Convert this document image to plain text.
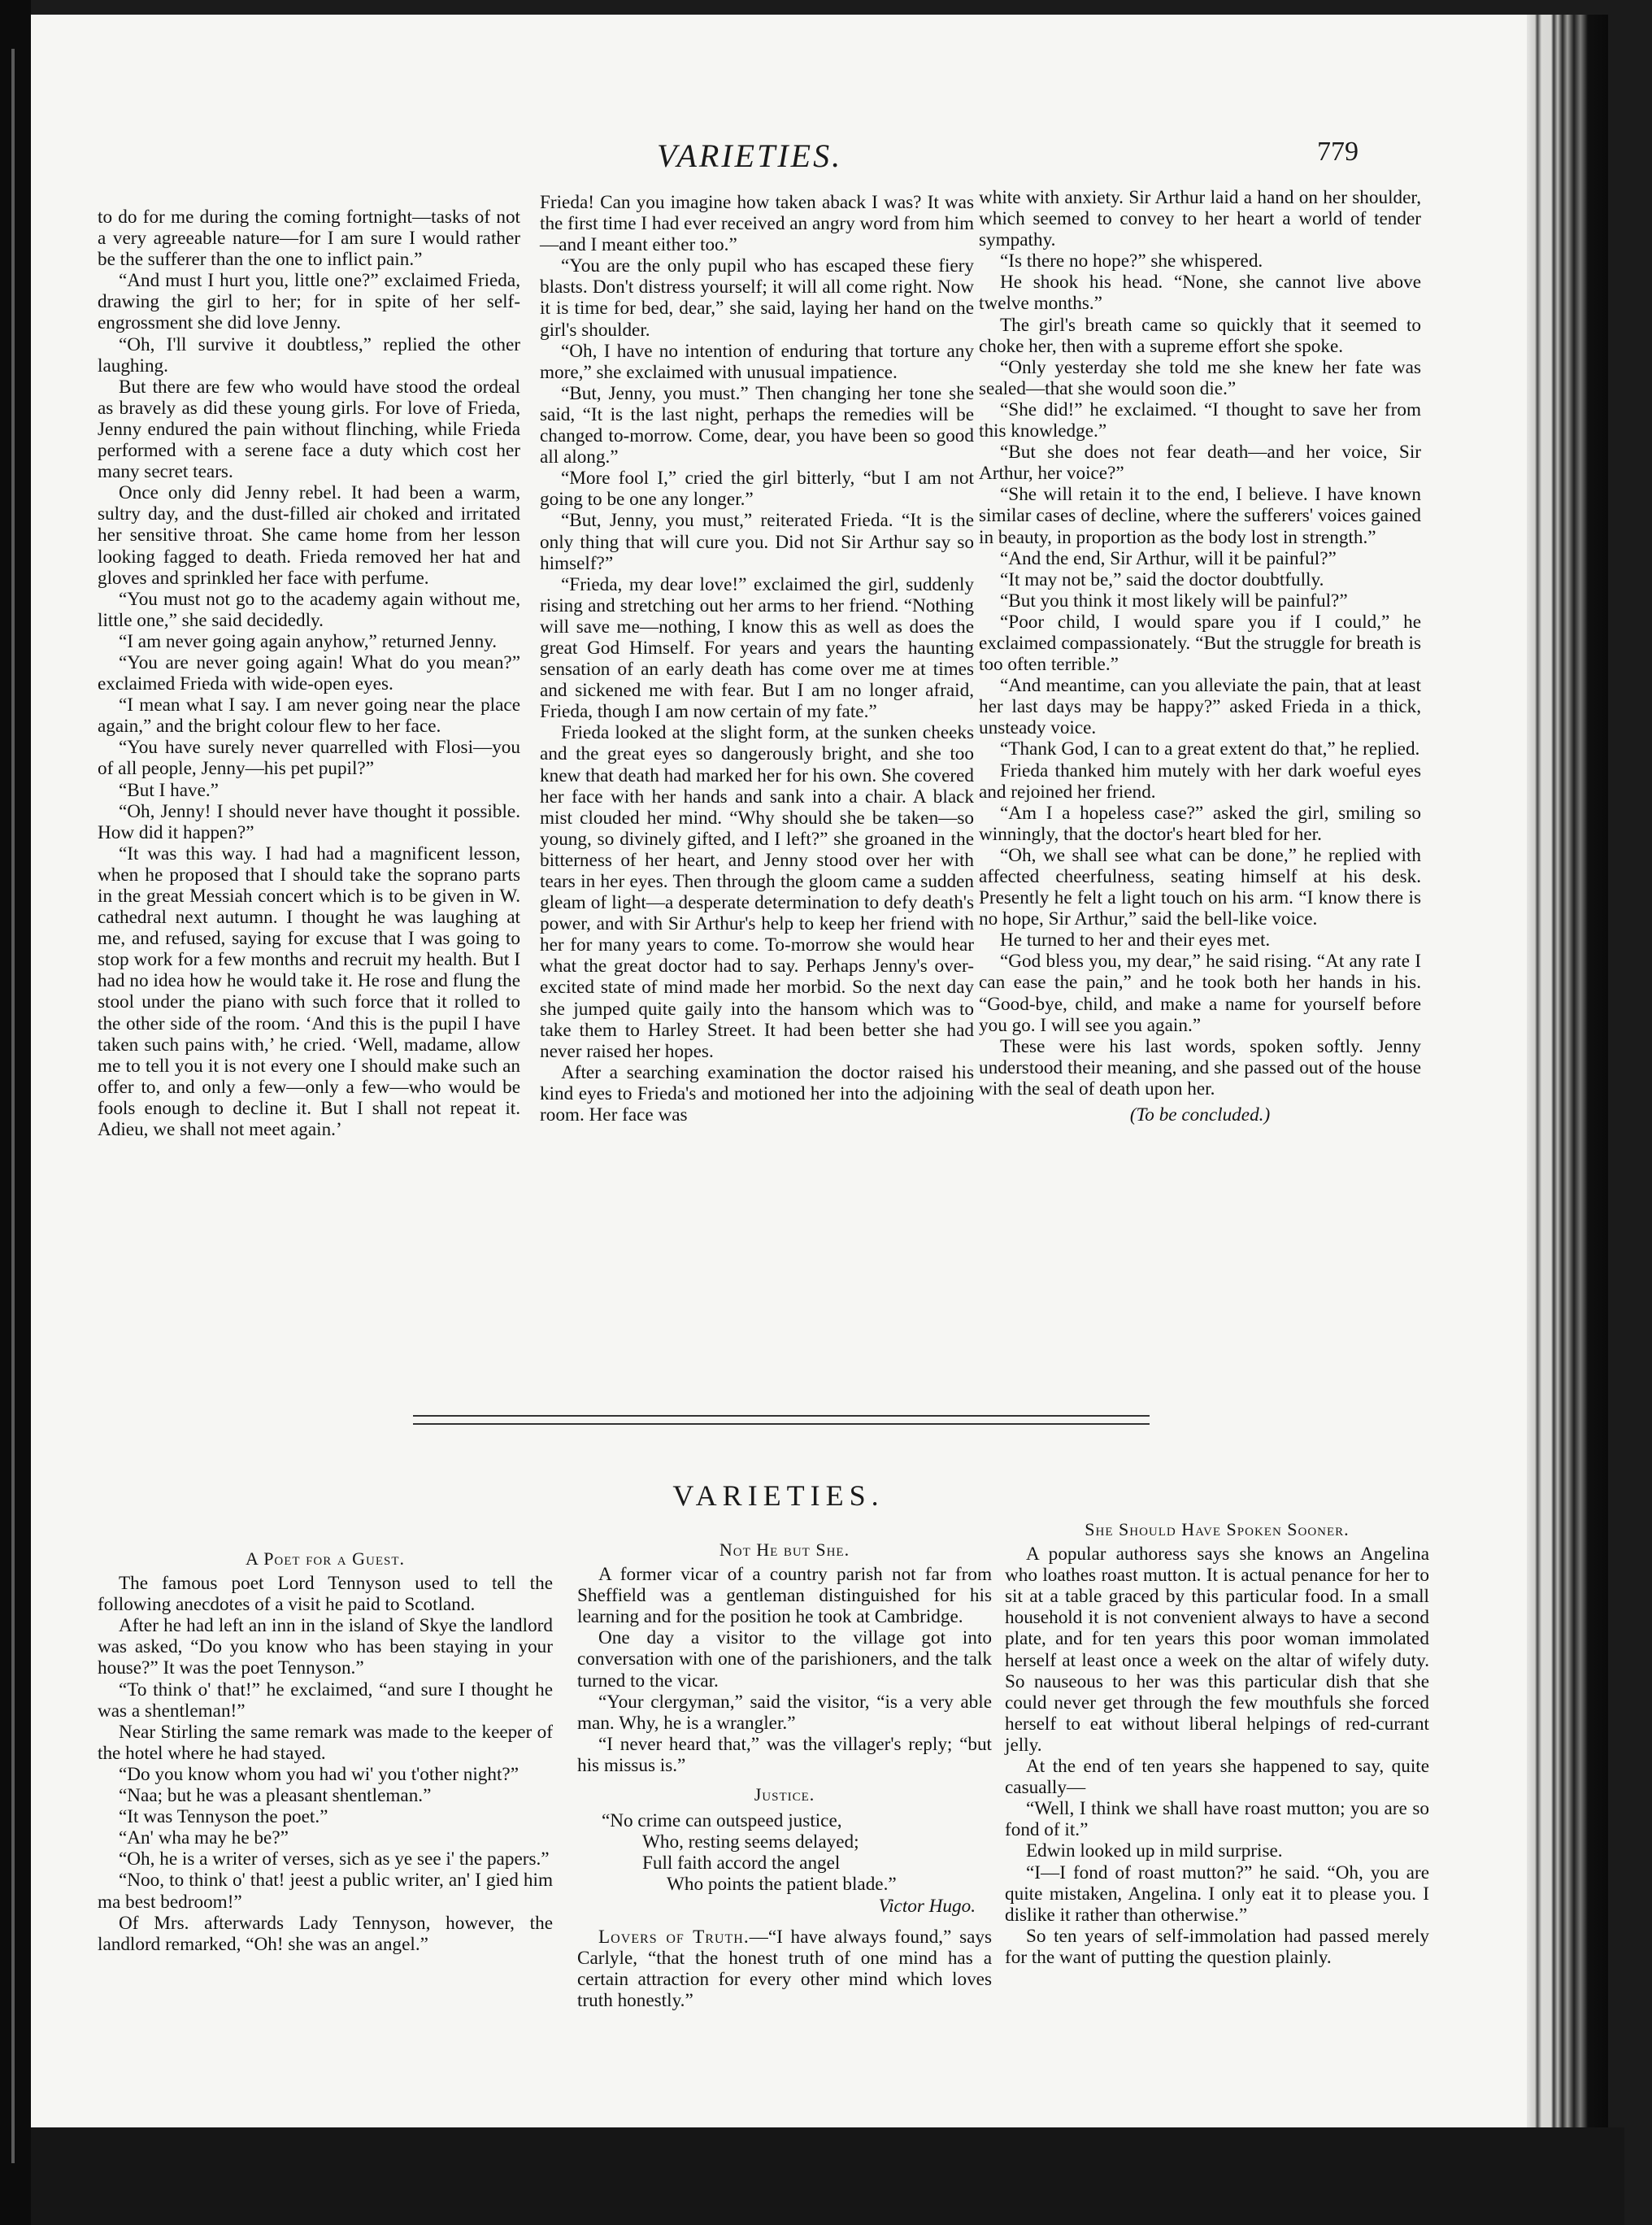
VARIETIES.	779

to do for me during the coming fortnight—tasks of not a very agreeable nature—for I am sure I would rather be the sufferer than the one to inflict pain.”

“And must I hurt you, little one?” exclaimed Frieda, drawing the girl to her; for in spite of her self-engrossment she did love Jenny.

“Oh, I'll survive it doubtless,” replied the other laughing.

But there are few who would have stood the ordeal as bravely as did these young girls. For love of Frieda, Jenny endured the pain without flinching, while Frieda performed with a serene face a duty which cost her many secret tears.

Once only did Jenny rebel. It had been a warm, sultry day, and the dust-filled air choked and irritated her sensitive throat. She came home from her lesson looking fagged to death. Frieda removed her hat and gloves and sprinkled her face with perfume.

“You must not go to the academy again without me, little one,” she said decidedly.

“I am never going again anyhow,” returned Jenny.

“You are never going again! What do you mean?” exclaimed Frieda with wide-open eyes.

“I mean what I say. I am never going near the place again,” and the bright colour flew to her face.

“You have surely never quarrelled with Flosi—you of all people, Jenny—his pet pupil?”

“But I have.”

“Oh, Jenny! I should never have thought it possible. How did it happen?”

“It was this way. I had had a magnificent lesson, when he proposed that I should take the soprano parts in the great Messiah concert which is to be given in W. cathedral next autumn. I thought he was laughing at me, and refused, saying for excuse that I was going to stop work for a few months and recruit my health. But I had no idea how he would take it. He rose and flung the stool under the piano with such force that it rolled to the other side of the room. ‘And this is the pupil I have taken such pains with,’ he cried. ‘Well, madame, allow me to tell you it is not every one I should make such an offer to, and only a few—only a few—who would be fools enough to decline it. But I shall not repeat it. Adieu, we shall not meet again.’

Frieda! Can you imagine how taken aback I was? It was the first time I had ever received an angry word from him—and I meant either too.”

“You are the only pupil who has escaped these fiery blasts. Don't distress yourself; it will all come right. Now it is time for bed, dear,” she said, laying her hand on the girl's shoulder.

“Oh, I have no intention of enduring that torture any more,” she exclaimed with unusual impatience.

“But, Jenny, you must.” Then changing her tone she said, “It is the last night, perhaps the remedies will be changed to-morrow. Come, dear, you have been so good all along.”

“More fool I,” cried the girl bitterly, “but I am not going to be one any longer.”

“But, Jenny, you must,” reiterated Frieda. “It is the only thing that will cure you. Did not Sir Arthur say so himself?”

“Frieda, my dear love!” exclaimed the girl, suddenly rising and stretching out her arms to her friend. “Nothing will save me—nothing, I know this as well as does the great God Himself. For years and years the haunting sensation of an early death has come over me at times and sickened me with fear. But I am no longer afraid, Frieda, though I am now certain of my fate.”

Frieda looked at the slight form, at the sunken cheeks and the great eyes so dangerously bright, and she too knew that death had marked her for his own. She covered her face with her hands and sank into a chair. A black mist clouded her mind. “Why should she be taken—so young, so divinely gifted, and I left?” she groaned in the bitterness of her heart, and Jenny stood over her with tears in her eyes. Then through the gloom came a sudden gleam of light—a desperate determination to defy death's power, and with Sir Arthur's help to keep her friend with her for many years to come. To-morrow she would hear what the great doctor had to say. Perhaps Jenny's over-excited state of mind made her morbid. So the next day she jumped quite gaily into the hansom which was to take them to Harley Street. It had been better she had never raised her hopes.

After a searching examination the doctor raised his kind eyes to Frieda's and motioned her into the adjoining room. Her face was

white with anxiety. Sir Arthur laid a hand on her shoulder, which seemed to convey to her heart a world of tender sympathy.

“Is there no hope?” she whispered.

He shook his head. “None, she cannot live above twelve months.”

The girl's breath came so quickly that it seemed to choke her, then with a supreme effort she spoke.

“Only yesterday she told me she knew her fate was sealed—that she would soon die.”

“She did!” he exclaimed. “I thought to save her from this knowledge.”

“But she does not fear death—and her voice, Sir Arthur, her voice?”

“She will retain it to the end, I believe. I have known similar cases of decline, where the sufferers' voices gained in beauty, in proportion as the body lost in strength.”

“And the end, Sir Arthur, will it be painful?”

“It may not be,” said the doctor doubtfully.

“But you think it most likely will be painful?”

“Poor child, I would spare you if I could,” he exclaimed compassionately. “But the struggle for breath is too often terrible.”

“And meantime, can you alleviate the pain, that at least her last days may be happy?” asked Frieda in a thick, unsteady voice.

“Thank God, I can to a great extent do that,” he replied.

Frieda thanked him mutely with her dark woeful eyes and rejoined her friend.

“Am I a hopeless case?” asked the girl, smiling so winningly, that the doctor's heart bled for her.

“Oh, we shall see what can be done,” he replied with affected cheerfulness, seating himself at his desk. Presently he felt a light touch on his arm. “I know there is no hope, Sir Arthur,” said the bell-like voice.

He turned to her and their eyes met.

“God bless you, my dear,” he said rising. “At any rate I can ease the pain,” and he took both her hands in his. “Good-bye, child, and make a name for yourself before you go. I will see you again.”

These were his last words, spoken softly. Jenny understood their meaning, and she passed out of the house with the seal of death upon her.

(To be concluded.)

VARIETIES.
A Poet for a Guest.

The famous poet Lord Tennyson used to tell the following anecdotes of a visit he paid to Scotland.

After he had left an inn in the island of Skye the landlord was asked, “Do you know who has been staying in your house?” It was the poet Tennyson.”

“To think o' that!” he exclaimed, “and sure I thought he was a shentleman!”

Near Stirling the same remark was made to the keeper of the hotel where he had stayed.

“Do you know whom you had wi' you t'other night?”

“Naa; but he was a pleasant shentleman.”

“It was Tennyson the poet.”

“An' wha may he be?”

“Oh, he is a writer of verses, sich as ye see i' the papers.”

“Noo, to think o' that! jeest a public writer, an' I gied him ma best bedroom!”

Of Mrs. afterwards Lady Tennyson, however, the landlord remarked, “Oh! she was an angel.”

Not He but She.

A former vicar of a country parish not far from Sheffield was a gentleman distinguished for his learning and for the position he took at Cambridge.

One day a visitor to the village got into conversation with one of the parishioners, and the talk turned to the vicar.

“Your clergyman,” said the visitor, “is a very able man. Why, he is a wrangler.”

“I never heard that,” was the villager's reply; “but his missus is.”

Justice.
“No crime can outspeed justice,
Who, resting seems delayed;
Full faith accord the angel
Who points the patient blade.”
Victor Hugo.

Lovers of Truth.—“I have always found,” says Carlyle, “that the honest truth of one mind has a certain attraction for every other mind which loves truth honestly.”

She Should Have Spoken Sooner.

A popular authoress says she knows an Angelina who loathes roast mutton. It is actual penance for her to sit at a table graced by this particular food. In a small household it is not convenient always to have a second plate, and for ten years this poor woman immolated herself at least once a week on the altar of wifely duty. So nauseous to her was this particular dish that she could never get through the few mouthfuls she forced herself to eat without liberal helpings of red-currant jelly.

At the end of ten years she happened to say, quite casually—

“Well, I think we shall have roast mutton; you are so fond of it.”

Edwin looked up in mild surprise.

“I—I fond of roast mutton?” he said. “Oh, you are quite mistaken, Angelina. I only eat it to please you. I dislike it rather than otherwise.”

So ten years of self-immolation had passed merely for the want of putting the question plainly.
